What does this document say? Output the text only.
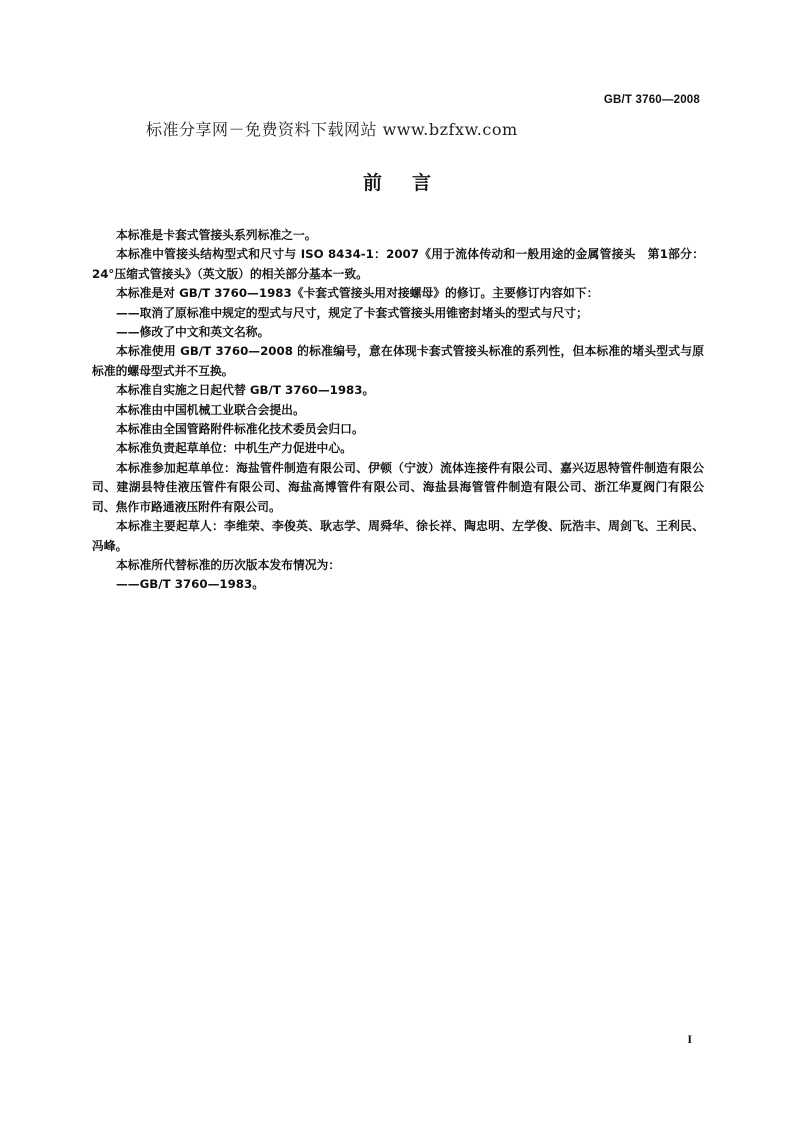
GB/T 3760—2008
标准分享网－免费资料下载网站 www.bzfxw.com
前言

本标准是卡套式管接头系列标准之一。

本标准中管接头结构型式和尺寸与 ISO 8434-1：2007《用于流体传动和一般用途的金属管接头　第1部分：24°压缩式管接头》（英文版）的相关部分基本一致。

本标准是对 GB/T 3760—1983《卡套式管接头用对接螺母》的修订。主要修订内容如下：

——取消了原标准中规定的型式与尺寸，规定了卡套式管接头用锥密封堵头的型式与尺寸；

——修改了中文和英文名称。

本标准使用 GB/T 3760—2008 的标准编号，意在体现卡套式管接头标准的系列性，但本标准的堵头型式与原标准的螺母型式并不互换。

本标准自实施之日起代替 GB/T 3760—1983。

本标准由中国机械工业联合会提出。

本标准由全国管路附件标准化技术委员会归口。

本标准负责起草单位：中机生产力促进中心。

本标准参加起草单位：海盐管件制造有限公司、伊顿（宁波）流体连接件有限公司、嘉兴迈思特管件制造有限公司、建湖县特佳液压管件有限公司、海盐高博管件有限公司、海盐县海管管件制造有限公司、浙江华夏阀门有限公司、焦作市路通液压附件有限公司。

本标准主要起草人：李维荣、李俊英、耿志学、周舜华、徐长祥、陶忠明、左学俊、阮浩丰、周剑飞、王利民、冯峰。

本标准所代替标准的历次版本发布情况为：

——GB/T 3760—1983。

I
